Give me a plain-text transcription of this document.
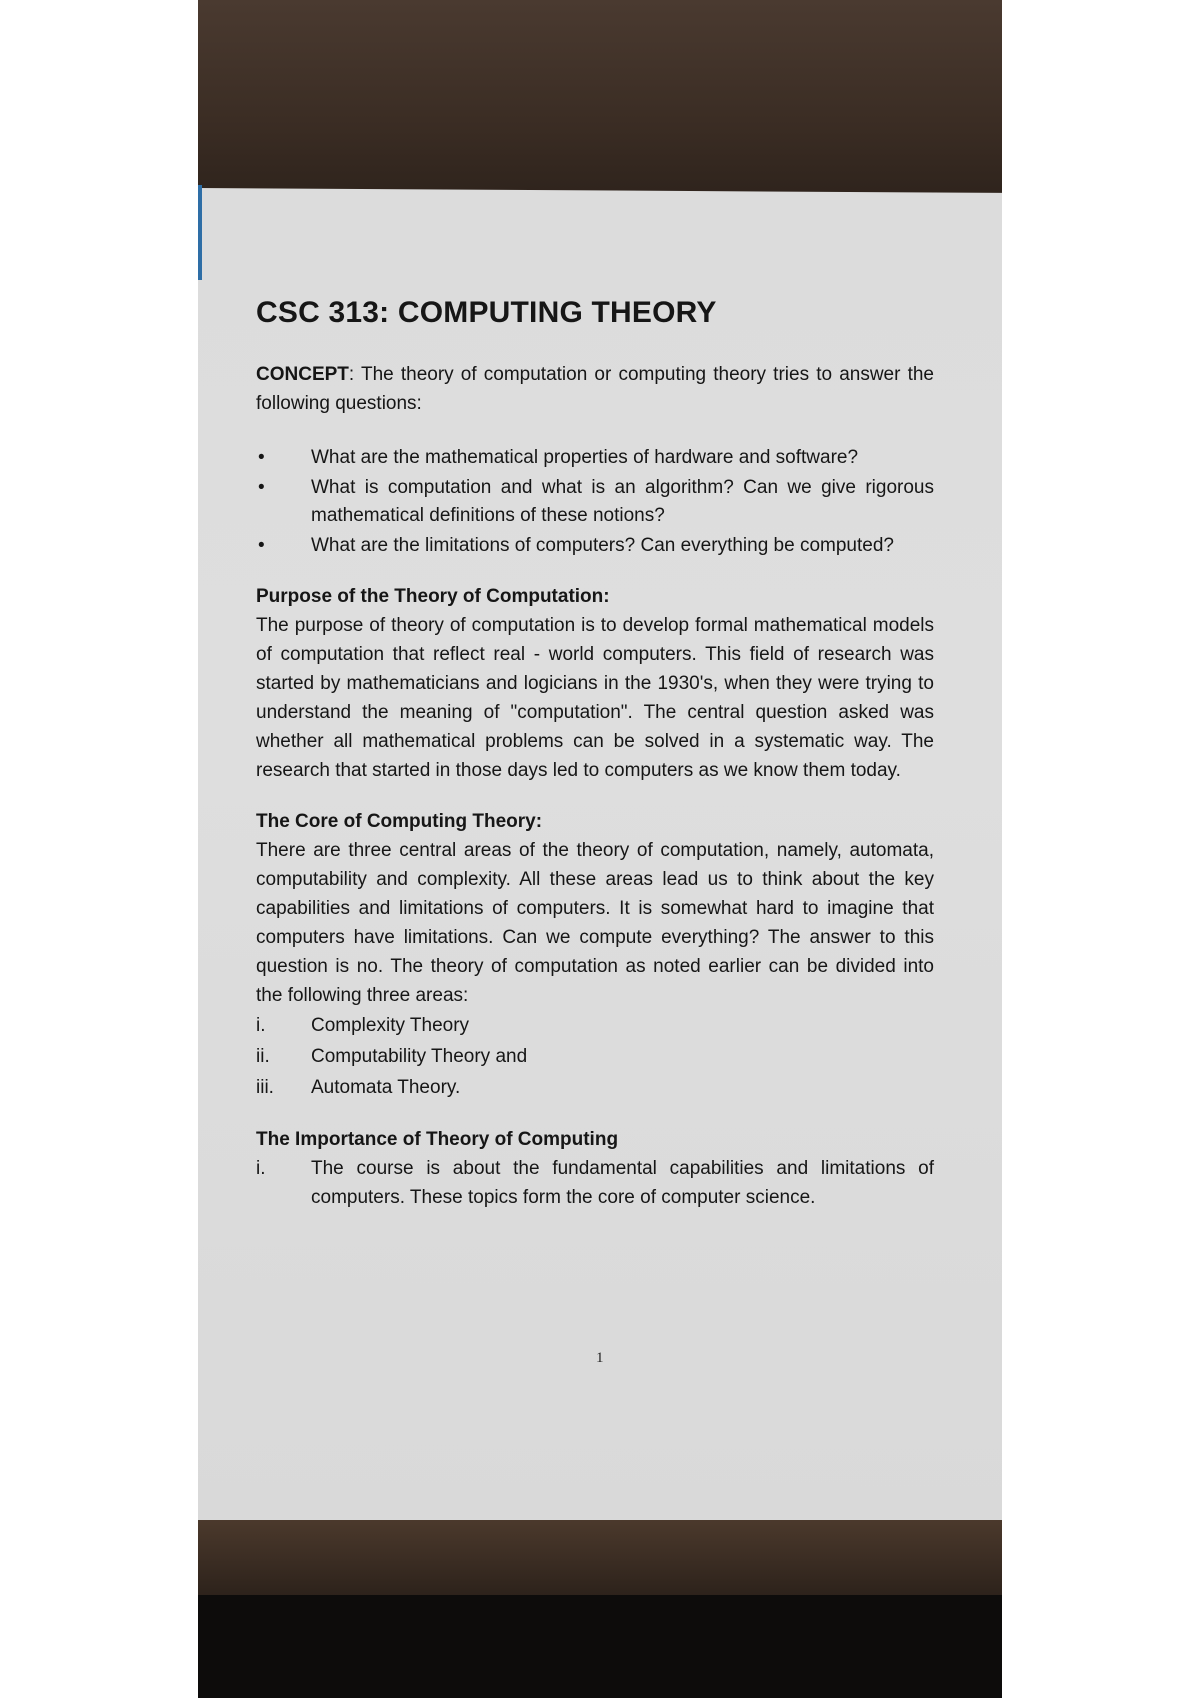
CSC 313: COMPUTING THEORY

CONCEPT: The theory of computation or computing theory tries to answer the following questions:

• What are the mathematical properties of hardware and software?
• What is computation and what is an algorithm? Can we give rigorous mathematical definitions of these notions?
• What are the limitations of computers? Can everything be computed?
Purpose of the Theory of Computation:

The purpose of theory of computation is to develop formal mathematical models of computation that reflect real - world computers. This field of research was started by mathematicians and logicians in the 1930's, when they were trying to understand the meaning of "computation". The central question asked was whether all mathematical problems can be solved in a systematic way. The research that started in those days led to computers as we know them today.

The Core of Computing Theory:

There are three central areas of the theory of computation, namely, automata, computability and complexity. All these areas lead us to think about the key capabilities and limitations of computers. It is somewhat hard to imagine that computers have limitations. Can we compute everything? The answer to this question is no. The theory of computation as noted earlier can be divided into the following three areas:

i. Complexity Theory
ii. Computability Theory and
iii. Automata Theory.
The Importance of Theory of Computing
i. The course is about the fundamental capabilities and limitations of computers. These topics form the core of computer science.
1
